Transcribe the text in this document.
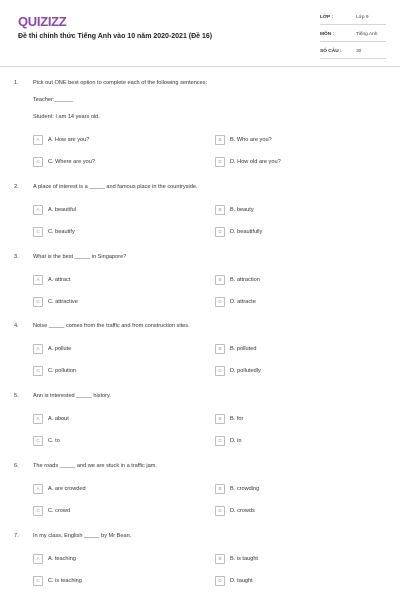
QUIZIZZ
Đề thi chính thức Tiếng Anh vào 10 năm 2020-2021 (Đề 16)
LỚP :	Lớp 9
MÔN :	Tiếng Anh
SỐ CÂU :	30
1.	Pick out ONE best option to complete each of the following sentences:
Teacher:______
Student: I am 14 years old.
A	A. How are you?	B	B. Who are you?
C	C. Where are you?	D	D. How old are you?
2.	A place of interest is a _____ and famous place in the countryside.
A	A. beautiful	B	B. beauty
C	C. beautify	D	D. beautifully
3.	What is the best _____ in Singapore?
A	A. attract	B	B. attraction
C	C. attractive	D	D. attracte
4.	Noise _____ comes from the traffic and from construction sites.
A	A. pollute	B	B. polluted
C	C. pollution	D	D. pollutedly
5.	Ann is interested _____ history.
A	A. about	B	B. for
C	C. to	D	D. in
6.	The roads _____ and we are stuck in a traffic jam.
A	A. are crowded	B	B. crowding
C	C. crowd	D	D. crowds
7.	In my class, English _____ by Mr Bean.
A	A. teaching	B	B. is taught
C	C. is teaching	D	D. taught
